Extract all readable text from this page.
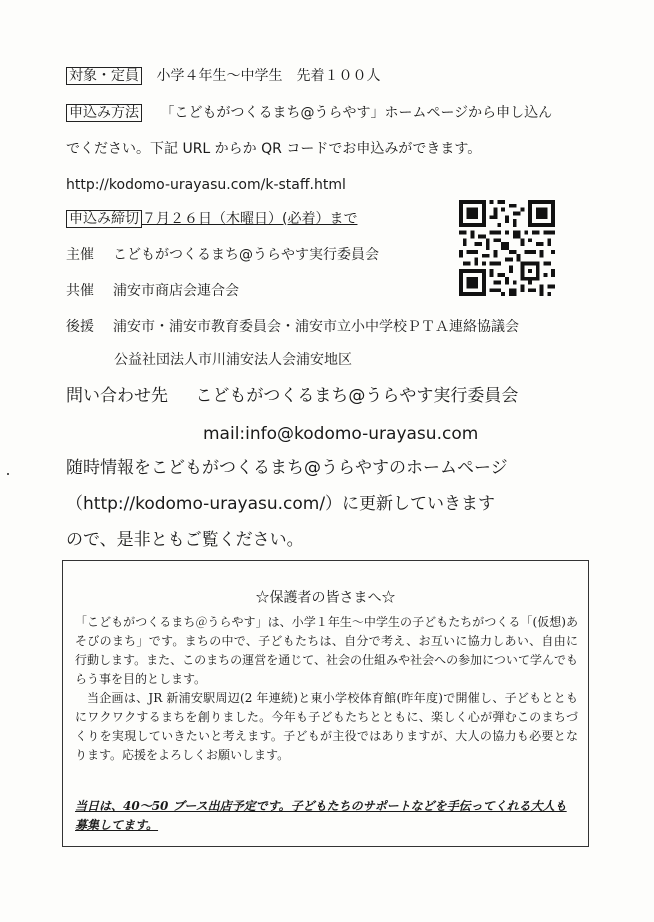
対象・定員 小学４年生〜中学生　先着１００人
申込み方法 「こどもがつくるまち@うらやす」ホームページから申し込ん
でください。下記 URL からか QR コードでお申込みができます。
http://kodomo-urayasu.com/k-staff.html
申込み締切 ７月２６日（木曜日）(必着）まで
主催 こどもがつくるまち@うらやす実行委員会
共催 浦安市商店会連合会
後援 浦安市・浦安市教育委員会・浦安市立小中学校ＰＴＡ連絡協議会
公益社団法人市川浦安法人会浦安地区
問い合わせ先 こどもがつくるまち@うらやす実行委員会
mail:info@kodomo-urayasu.com
随時情報をこどもがつくるまち@うらやすのホームページ
（http://kodomo-urayasu.com/）に更新していきます
ので、是非ともご覧ください。
☆保護者の皆さまへ☆

「こどもがつくるまち＠うらやす」は、小学１年生〜中学生の子どもたちがつくる「(仮想)あそびのまち」です。まちの中で、子どもたちは、自分で考え、お互いに協力しあい、自由に行動します。また、このまちの運営を通じて、社会の仕組みや社会への参加について学んでもらう事を目的とします。

当企画は、JR 新浦安駅周辺(2 年連続)と東小学校体育館(昨年度)で開催し、子どもとともにワクワクするまちを創りました。今年も子どもたちとともに、楽しく心が弾むこのまちづくりを実現していきたいと考えます。子どもが主役ではありますが、大人の協力も必要となります。応援をよろしくお願いします。

当日は、40〜50 ブース出店予定です。子どもたちのサポートなどを手伝ってくれる大人も募集してます。
